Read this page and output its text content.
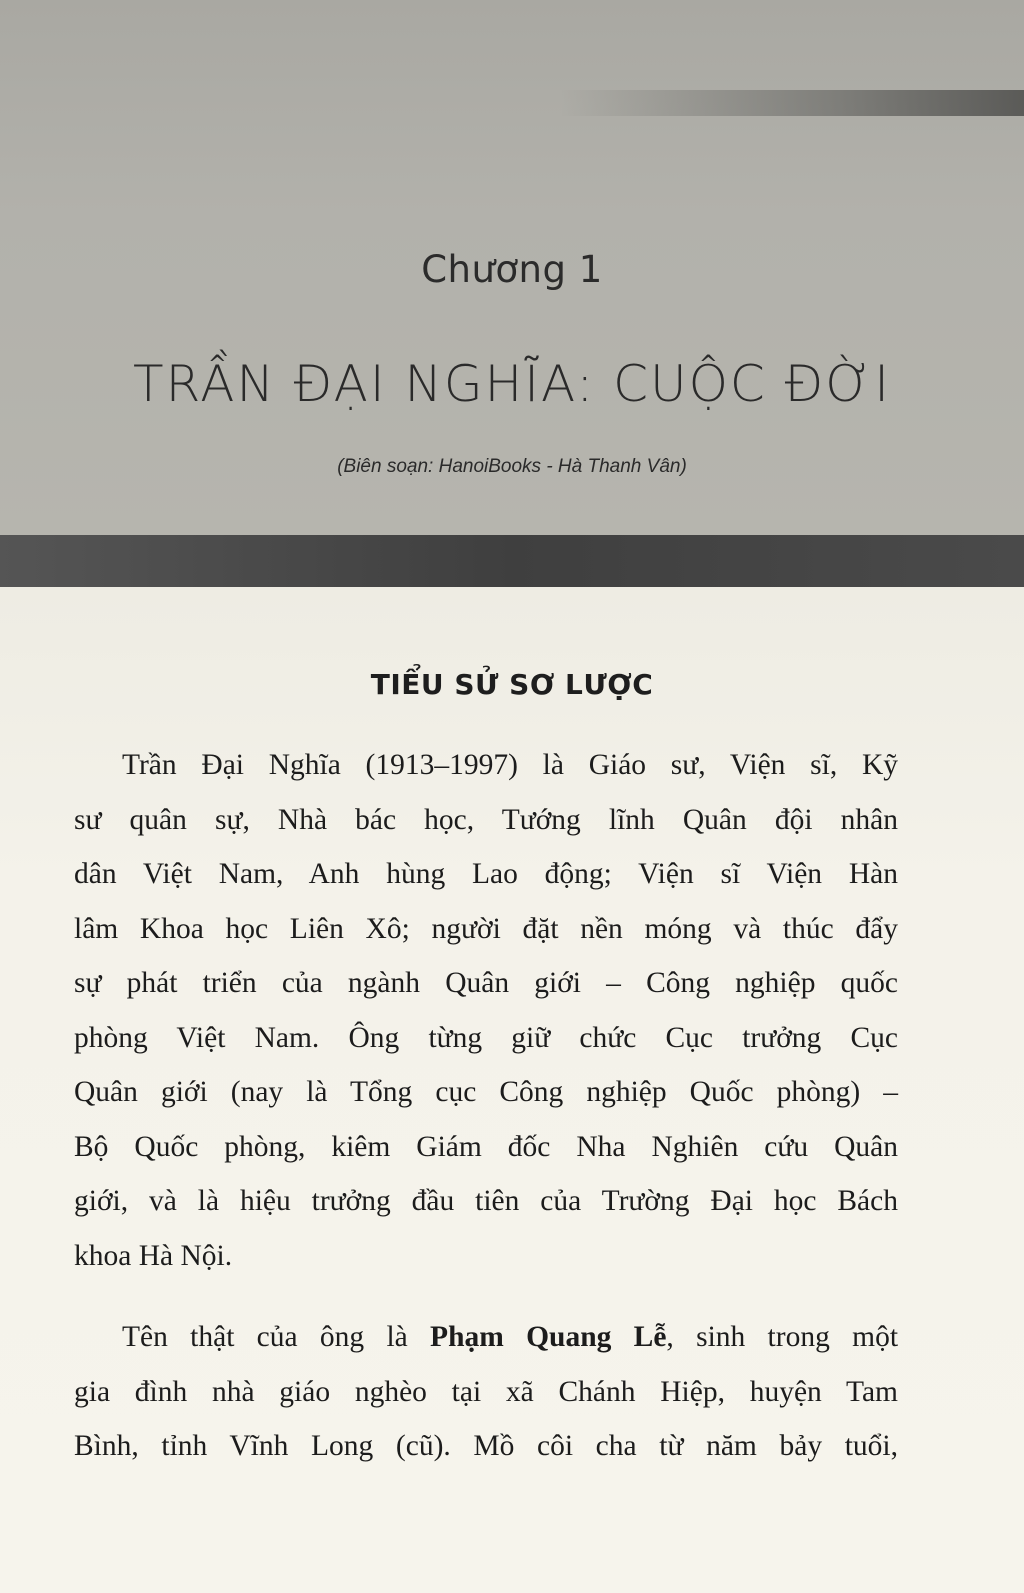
Chương 1
TRẦN ĐẠI NGHĨA: CUỘC ĐỜI
(Biên soạn: HanoiBooks - Hà Thanh Vân)
TIỂU SỬ SƠ LƯỢC
Trần Đại Nghĩa (1913–1997) là Giáo sư, Viện sĩ, Kỹ
sư quân sự, Nhà bác học, Tướng lĩnh Quân đội nhân
dân Việt Nam, Anh hùng Lao động; Viện sĩ Viện Hàn
lâm Khoa học Liên Xô; người đặt nền móng và thúc đẩy
sự phát triển của ngành Quân giới – Công nghiệp quốc
phòng Việt Nam. Ông từng giữ chức Cục trưởng Cục
Quân giới (nay là Tổng cục Công nghiệp Quốc phòng) –
Bộ Quốc phòng, kiêm Giám đốc Nha Nghiên cứu Quân
giới, và là hiệu trưởng đầu tiên của Trường Đại học Bách
khoa Hà Nội.
Tên thật của ông là Phạm Quang Lễ, sinh trong một
gia đình nhà giáo nghèo tại xã Chánh Hiệp, huyện Tam
Bình, tỉnh Vĩnh Long (cũ). Mồ côi cha từ năm bảy tuổi,
